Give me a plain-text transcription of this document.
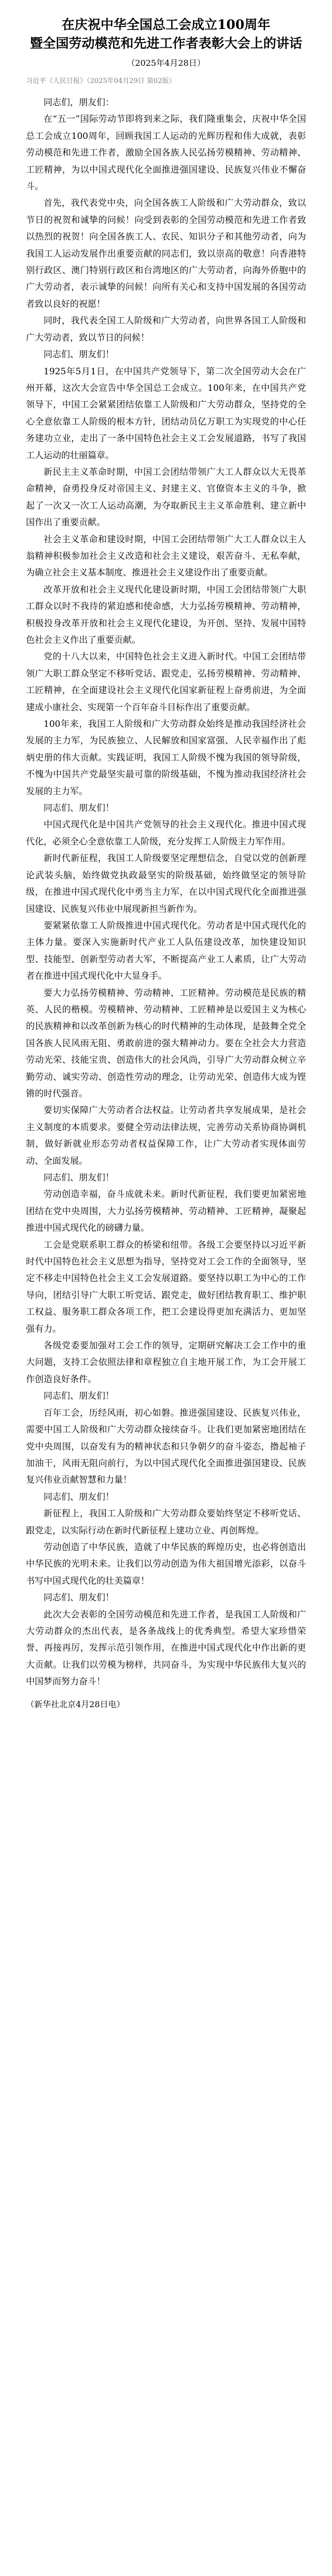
在庆祝中华全国总工会成立100周年
暨全国劳动模范和先进工作者表彰大会上的讲话
（2025年4月28日）
习近平《人民日报》（2025年04月29日 第02版）

同志们，朋友们：

在“五一”国际劳动节即将到来之际，我们隆重集会，庆祝中华全国总工会成立100周年，回顾我国工人运动的光辉历程和伟大成就，表彰劳动模范和先进工作者，激励全国各族人民弘扬劳模精神、劳动精神、工匠精神，为以中国式现代化全面推进强国建设、民族复兴伟业不懈奋斗。

首先，我代表党中央，向全国各族工人阶级和广大劳动群众，致以节日的祝贺和诚挚的问候！向受到表彰的全国劳动模范和先进工作者致以热烈的祝贺！向全国各族工人、农民、知识分子和其他劳动者，向为我国工人运动发展作出重要贡献的同志们，致以崇高的敬意！向香港特别行政区、澳门特别行政区和台湾地区的广大劳动者，向海外侨胞中的广大劳动者，表示诚挚的问候！向所有关心和支持中国发展的各国劳动者致以良好的祝愿！

同时，我代表全国工人阶级和广大劳动者，向世界各国工人阶级和广大劳动者，致以节日的问候！

同志们、朋友们！

1925年5月1日，在中国共产党领导下，第二次全国劳动大会在广州开幕，这次大会宣告中华全国总工会成立。100年来，在中国共产党领导下，中国工会紧紧团结依靠工人阶级和广大劳动群众，坚持党的全心全意依靠工人阶级的根本方针，团结动员亿万职工为实现党的中心任务建功立业，走出了一条中国特色社会主义工会发展道路，书写了我国工人运动的壮丽篇章。

新民主主义革命时期，中国工会团结带领广大工人群众以大无畏革命精神，奋勇投身反对帝国主义、封建主义、官僚资本主义的斗争，掀起了一次又一次工人运动高潮，为夺取新民主主义革命胜利、建立新中国作出了重要贡献。

社会主义革命和建设时期，中国工会团结带领广大工人群众以主人翁精神积极参加社会主义改造和社会主义建设，艰苦奋斗、无私奉献，为确立社会主义基本制度、推进社会主义建设作出了重要贡献。

改革开放和社会主义现代化建设新时期，中国工会团结带领广大职工群众以时不我待的紧迫感和使命感，大力弘扬劳模精神、劳动精神，积极投身改革开放和社会主义现代化建设，为开创、坚持、发展中国特色社会主义作出了重要贡献。

党的十八大以来，中国特色社会主义进入新时代。中国工会团结带领广大职工群众坚定不移听党话、跟党走，弘扬劳模精神、劳动精神、工匠精神，在全面建设社会主义现代化国家新征程上奋勇前进，为全面建成小康社会、实现第一个百年奋斗目标作出了重要贡献。

100年来，我国工人阶级和广大劳动群众始终是推动我国经济社会发展的主力军，为民族独立、人民解放和国家富强、人民幸福作出了彪炳史册的伟大贡献。实践证明，我国工人阶级不愧为我国的领导阶级，不愧为中国共产党最坚实最可靠的阶级基础，不愧为推动我国经济社会发展的主力军。

同志们、朋友们！

中国式现代化是中国共产党领导的社会主义现代化。推进中国式现代化，必须全心全意依靠工人阶级，充分发挥工人阶级主力军作用。

新时代新征程，我国工人阶级要坚定理想信念，自觉以党的创新理论武装头脑，始终做党执政最坚实的阶级基础，始终做坚定的领导阶级，在推进中国式现代化中勇当主力军，在以中国式现代化全面推进强国建设、民族复兴伟业中展现新担当新作为。

要紧紧依靠工人阶级推进中国式现代化。劳动者是中国式现代化的主体力量。要深入实施新时代产业工人队伍建设改革，加快建设知识型、技能型、创新型劳动者大军，不断提高产业工人素质，让广大劳动者在推进中国式现代化中大显身手。

要大力弘扬劳模精神、劳动精神、工匠精神。劳动模范是民族的精英、人民的楷模。劳模精神、劳动精神、工匠精神是以爱国主义为核心的民族精神和以改革创新为核心的时代精神的生动体现，是鼓舞全党全国各族人民风雨无阻、勇敢前进的强大精神动力。要在全社会大力营造劳动光荣、技能宝贵、创造伟大的社会风尚，引导广大劳动群众树立辛勤劳动、诚实劳动、创造性劳动的理念，让劳动光荣、创造伟大成为铿锵的时代强音。

要切实保障广大劳动者合法权益。让劳动者共享发展成果，是社会主义制度的本质要求。要健全劳动法律法规，完善劳动关系协商协调机制，做好新就业形态劳动者权益保障工作，让广大劳动者实现体面劳动、全面发展。

同志们、朋友们！

劳动创造幸福，奋斗成就未来。新时代新征程，我们要更加紧密地团结在党中央周围，大力弘扬劳模精神、劳动精神、工匠精神，凝聚起推进中国式现代化的磅礴力量。

工会是党联系职工群众的桥梁和纽带。各级工会要坚持以习近平新时代中国特色社会主义思想为指导，坚持党对工会工作的全面领导，坚定不移走中国特色社会主义工会发展道路。要坚持以职工为中心的工作导向，团结引导广大职工听党话、跟党走，做好团结教育职工、维护职工权益、服务职工群众各项工作，把工会建设得更加充满活力、更加坚强有力。

各级党委要加强对工会工作的领导，定期研究解决工会工作中的重大问题，支持工会依照法律和章程独立自主地开展工作，为工会开展工作创造良好条件。

同志们、朋友们！

百年工会，历经风雨，初心如磐。推进强国建设、民族复兴伟业，需要中国工人阶级和广大劳动群众接续奋斗。让我们更加紧密地团结在党中央周围，以奋发有为的精神状态和只争朝夕的奋斗姿态，撸起袖子加油干，风雨无阻向前行，为以中国式现代化全面推进强国建设、民族复兴伟业贡献智慧和力量！

同志们、朋友们！

新征程上，我国工人阶级和广大劳动群众要始终坚定不移听党话、跟党走，以实际行动在新时代新征程上建功立业、再创辉煌。

劳动创造了中华民族，造就了中华民族的辉煌历史，也必将创造出中华民族的光明未来。让我们以劳动创造为伟大祖国增光添彩，以奋斗书写中国式现代化的壮美篇章！

同志们、朋友们！

此次大会表彰的全国劳动模范和先进工作者，是我国工人阶级和广大劳动群众的杰出代表，是各条战线上的优秀典型。希望大家珍惜荣誉、再接再厉，发挥示范引领作用，在推进中国式现代化中作出新的更大贡献。让我们以劳模为榜样，共同奋斗，为实现中华民族伟大复兴的中国梦而努力奋斗！

（新华社北京4月28日电）
